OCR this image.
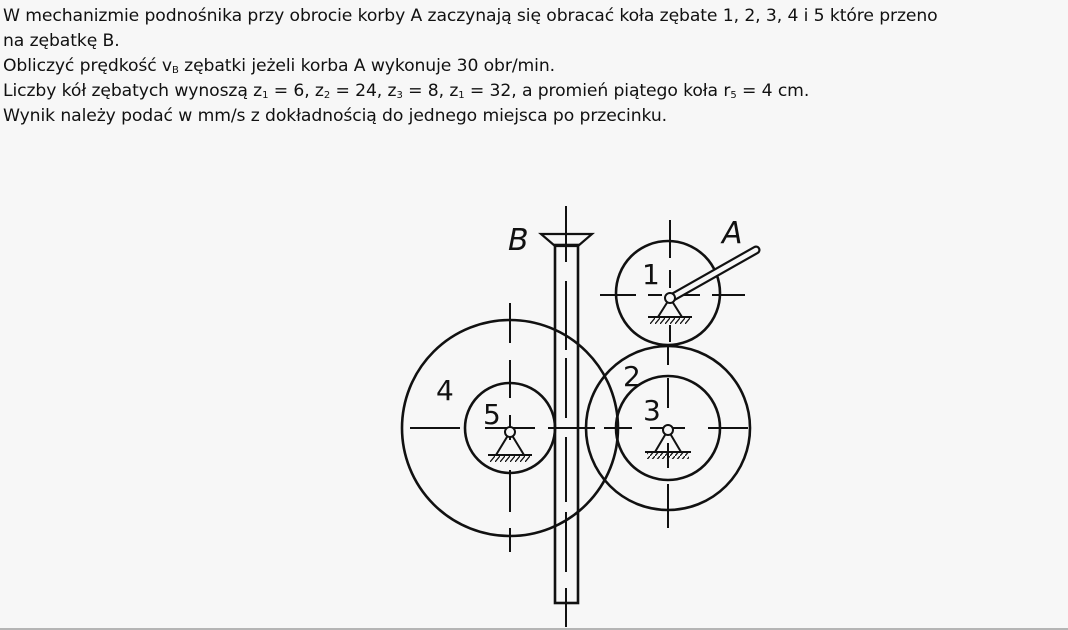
W mechanizmie podnośnika przy obrocie korby A zaczynają się obracać koła zębate 1, 2, 3, 4 i 5 które przeno

na zębatkę B.

Obliczyć prędkość $v_B$ zębatki jeżeli korba A wykonuje 30 obr/min.

Liczby kół zębatych wynoszą $z_1 = 6$, $z_2 = 24$, $z_3 = 8$, $z_1 = 32$, a promień piątego koła $r_5 = 4$ cm.

Wynik należy podać w mm/s z dokładnością do jednego miejsca po przecinku.

B	A
1
2
3
4
5
